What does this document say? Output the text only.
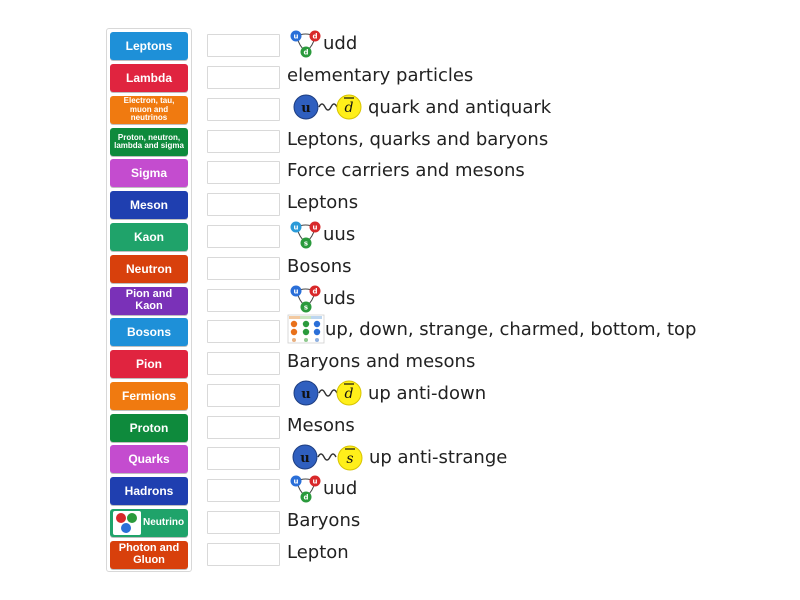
Leptons
Lambda
Electron, tau, muon and neutrinos
Proton, neutron, lambda and sigma
Sigma
Meson
Kaon
Neutron
Pion and Kaon
Bosons
Pion
Fermions
Proton
Quarks
Hadrons
Neutrino
Photon and Gluon
u d
d udd
elementary particles
u d quark and antiquark
Leptons, quarks and baryons
Force carriers and mesons
Leptons
u u
s uus
Bosons
u d
s uds
up, down, strange, charmed, bottom, top
Baryons and mesons
u d up anti-down
Mesons
u	s up anti-strange
u u
d uud
Baryons
Lepton
